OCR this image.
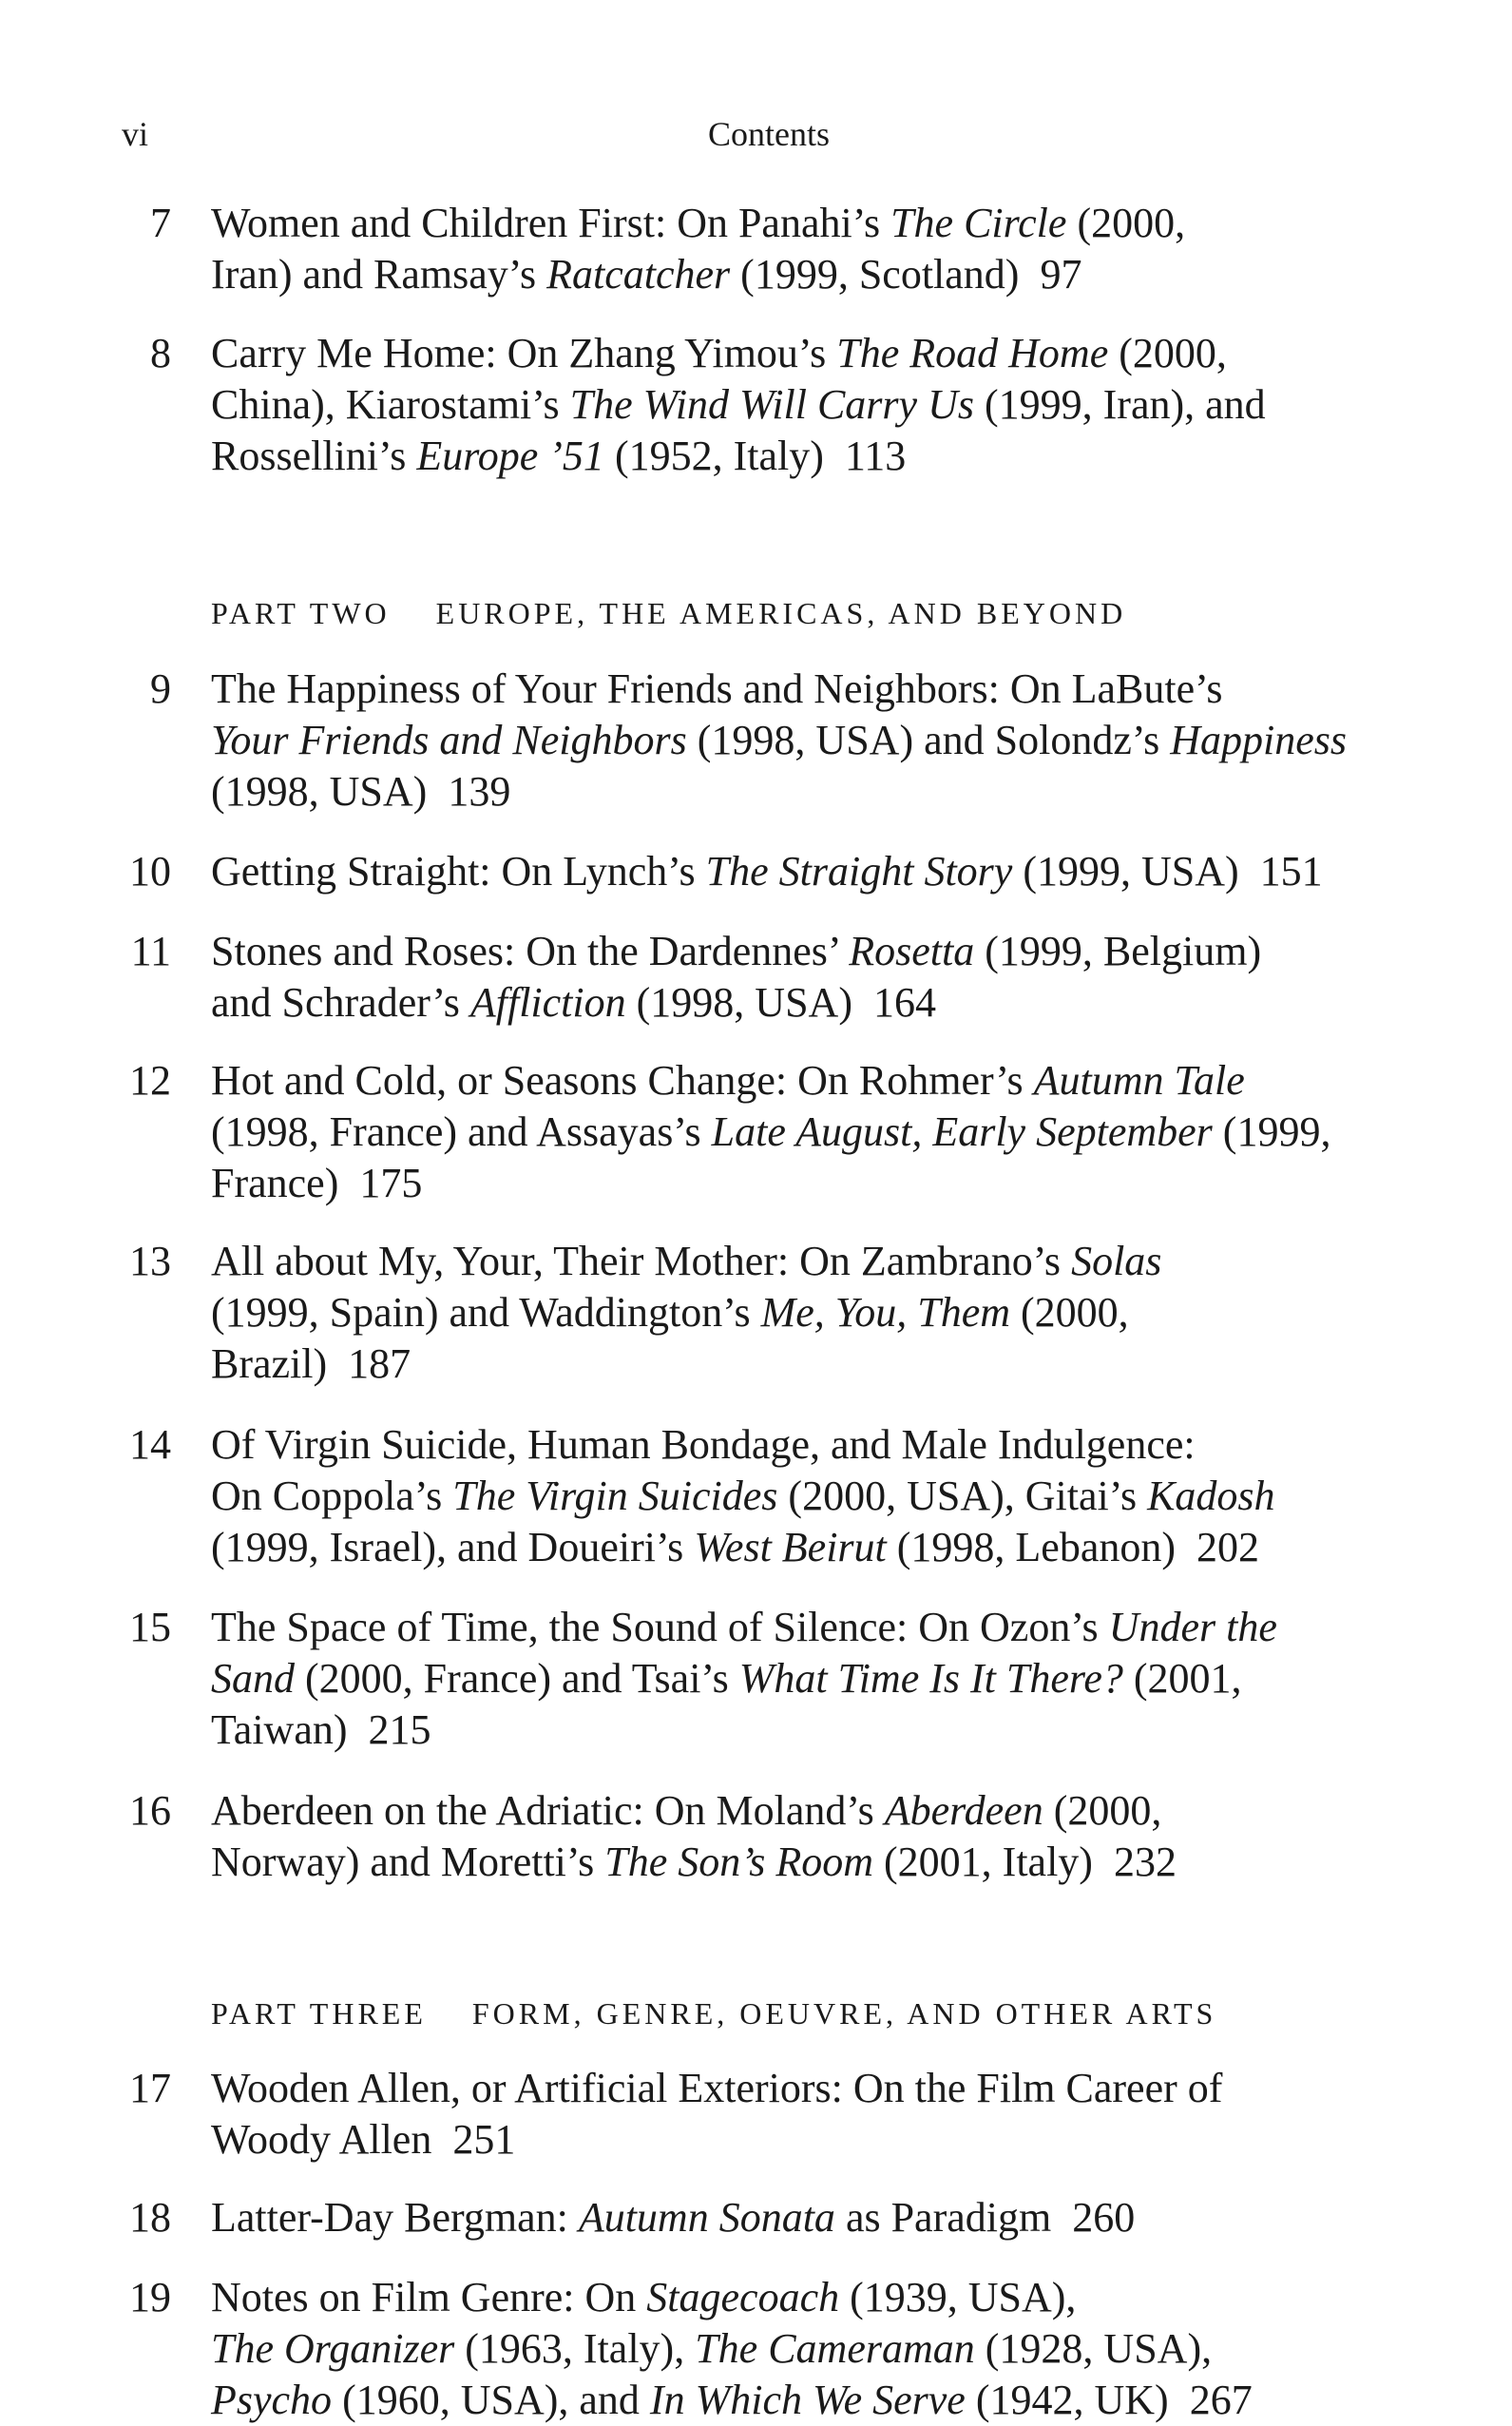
vi	Contents
7 Women and Children First: On Panahi’s The Circle (2000,
Iran) and Ramsay’s Ratcatcher (1999, Scotland) 97
8 Carry Me Home: On Zhang Yimou’s The Road Home (2000,
China), Kiarostami’s The Wind Will Carry Us (1999, Iran), and
Rossellini’s Europe ’51 (1952, Italy) 113
PART TWO EUROPE, THE AMERICAS, AND BEYOND
9 The Happiness of Your Friends and Neighbors: On LaBute’s
Your Friends and Neighbors (1998, USA) and Solondz’s Happiness
(1998, USA) 139
10 Getting Straight: On Lynch’s The Straight Story (1999, USA) 151
11 Stones and Roses: On the Dardennes’ Rosetta (1999, Belgium)
and Schrader’s Affliction (1998, USA) 164
12 Hot and Cold, or Seasons Change: On Rohmer’s Autumn Tale
(1998, France) and Assayas’s Late August, Early September (1999,
France) 175
13 All about My, Your, Their Mother: On Zambrano’s Solas
(1999, Spain) and Waddington’s Me, You, Them (2000,
Brazil) 187
14 Of Virgin Suicide, Human Bondage, and Male Indulgence:
On Coppola’s The Virgin Suicides (2000, USA), Gitai’s Kadosh
(1999, Israel), and Doueiri’s West Beirut (1998, Lebanon) 202
15 The Space of Time, the Sound of Silence: On Ozon’s Under the
Sand (2000, France) and Tsai’s What Time Is It There? (2001,
Taiwan) 215
16 Aberdeen on the Adriatic: On Moland’s Aberdeen (2000,
Norway) and Moretti’s The Son’s Room (2001, Italy) 232
PART THREE FORM, GENRE, OEUVRE, AND OTHER ARTS
17 Wooden Allen, or Artificial Exteriors: On the Film Career of
Woody Allen 251
18 Latter-Day Bergman: Autumn Sonata as Paradigm 260
19 Notes on Film Genre: On Stagecoach (1939, USA),
The Organizer (1963, Italy), The Cameraman (1928, USA),
Psycho (1960, USA), and In Which We Serve (1942, UK) 267
